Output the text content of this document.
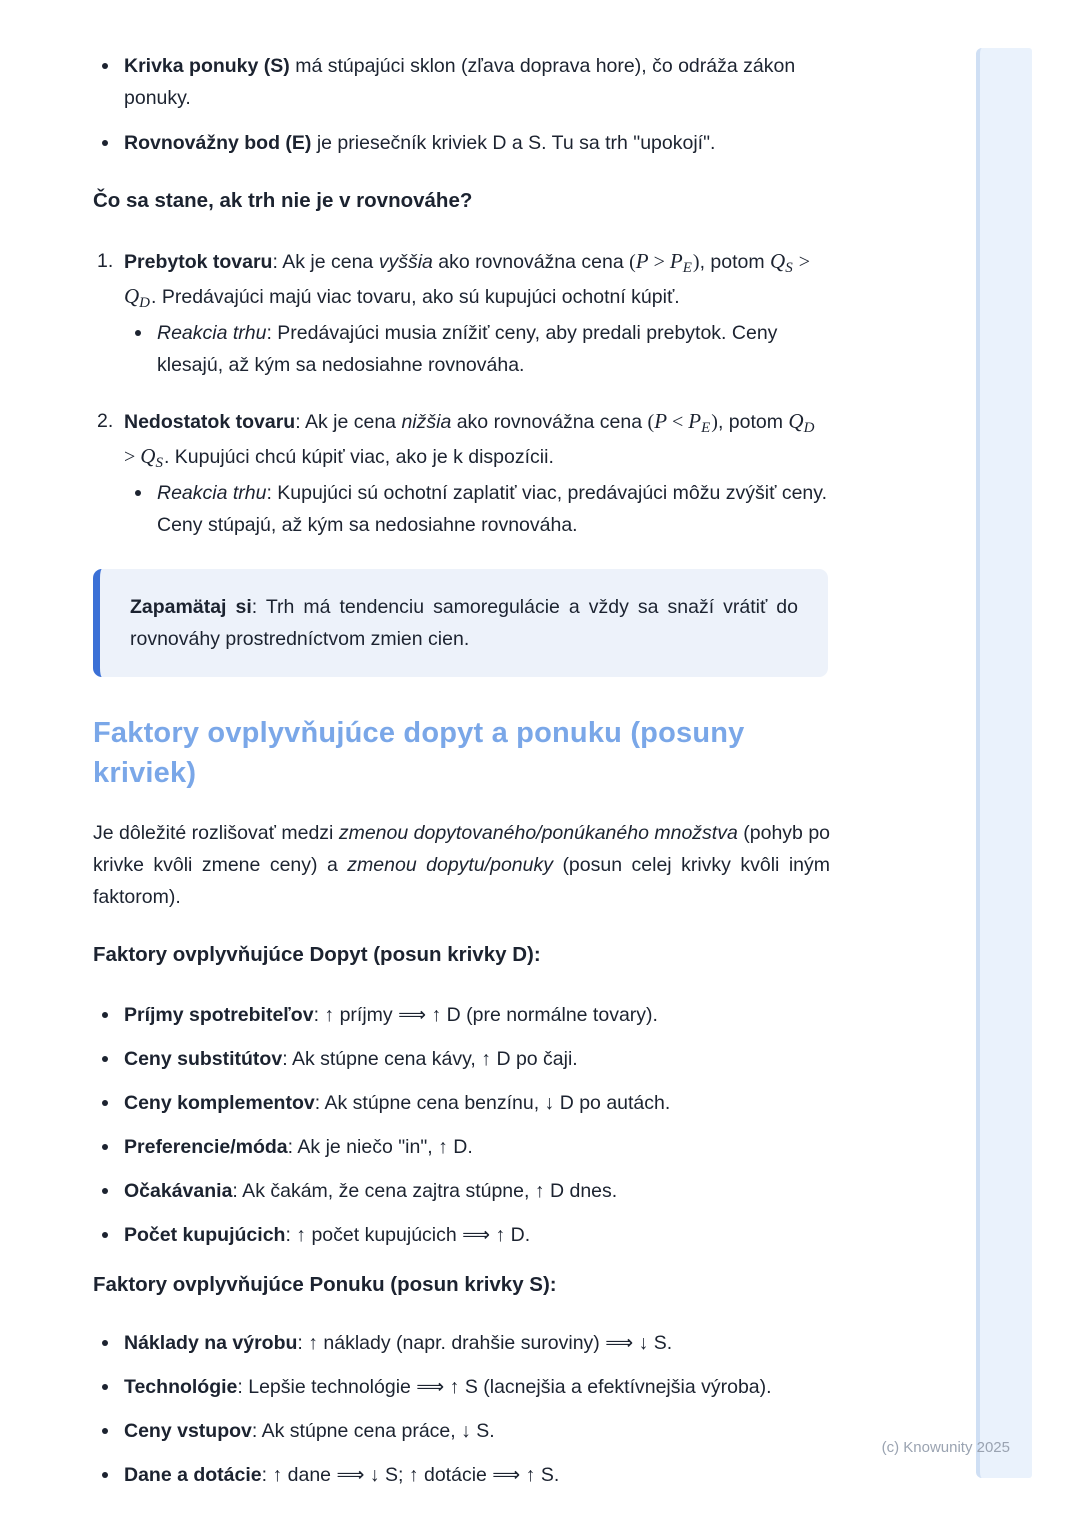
Krivka ponuky (S) má stúpajúci sklon (zľava doprava hore), čo odráža zákon ponuky.
Rovnovážny bod (E) je priesečník kriviek D a S. Tu sa trh "upokojí".
Čo sa stane, ak trh nie je v rovnováhe?
1. Prebytok tovaru: Ak je cena vyššia ako rovnovážna cena $(P > P_E)$, potom $Q_S > Q_D$. Predávajúci majú viac tovaru, ako sú kupujúci ochotní kúpiť.
Reakcia trhu: Predávajúci musia znížiť ceny, aby predali prebytok. Ceny klesajú, až kým sa nedosiahne rovnováha.
2. Nedostatok tovaru: Ak je cena nižšia ako rovnovážna cena $(P < P_E)$, potom $Q_D > Q_S$. Kupujúci chcú kúpiť viac, ako je k dispozícii.
Reakcia trhu: Kupujúci sú ochotní zaplatiť viac, predávajúci môžu zvýšiť ceny. Ceny stúpajú, až kým sa nedosiahne rovnováha.

Zapamätaj si: Trh má tendenciu samoregulácie a vždy sa snaží vrátiť do rovnováhy prostredníctvom zmien cien.

Faktory ovplyvňujúce dopyt a ponuku (posuny kriviek)

Je dôležité rozlišovať medzi zmenou dopytovaného/ponúkaného množstva (pohyb po krivke kvôli zmene ceny) a zmenou dopytu/ponuky (posun celej krivky kvôli iným faktorom).

Faktory ovplyvňujúce Dopyt (posun krivky D):
Príjmy spotrebiteľov: ↑ príjmy ⟹ ↑ D (pre normálne tovary).
Ceny substitútov: Ak stúpne cena kávy, ↑ D po čaji.
Ceny komplementov: Ak stúpne cena benzínu, ↓ D po autách.
Preferencie/móda: Ak je niečo "in", ↑ D.
Očakávania: Ak čakám, že cena zajtra stúpne, ↑ D dnes.
Počet kupujúcich: ↑ počet kupujúcich ⟹ ↑ D.
Faktory ovplyvňujúce Ponuku (posun krivky S):
Náklady na výrobu: ↑ náklady (napr. drahšie suroviny) ⟹ ↓ S.
Technológie: Lepšie technológie ⟹ ↑ S (lacnejšia a efektívnejšia výroba).
Ceny vstupov: Ak stúpne cena práce, ↓ S.
Dane a dotácie: ↑ dane ⟹ ↓ S; ↑ dotácie ⟹ ↑ S.
(c) Knowunity 2025
